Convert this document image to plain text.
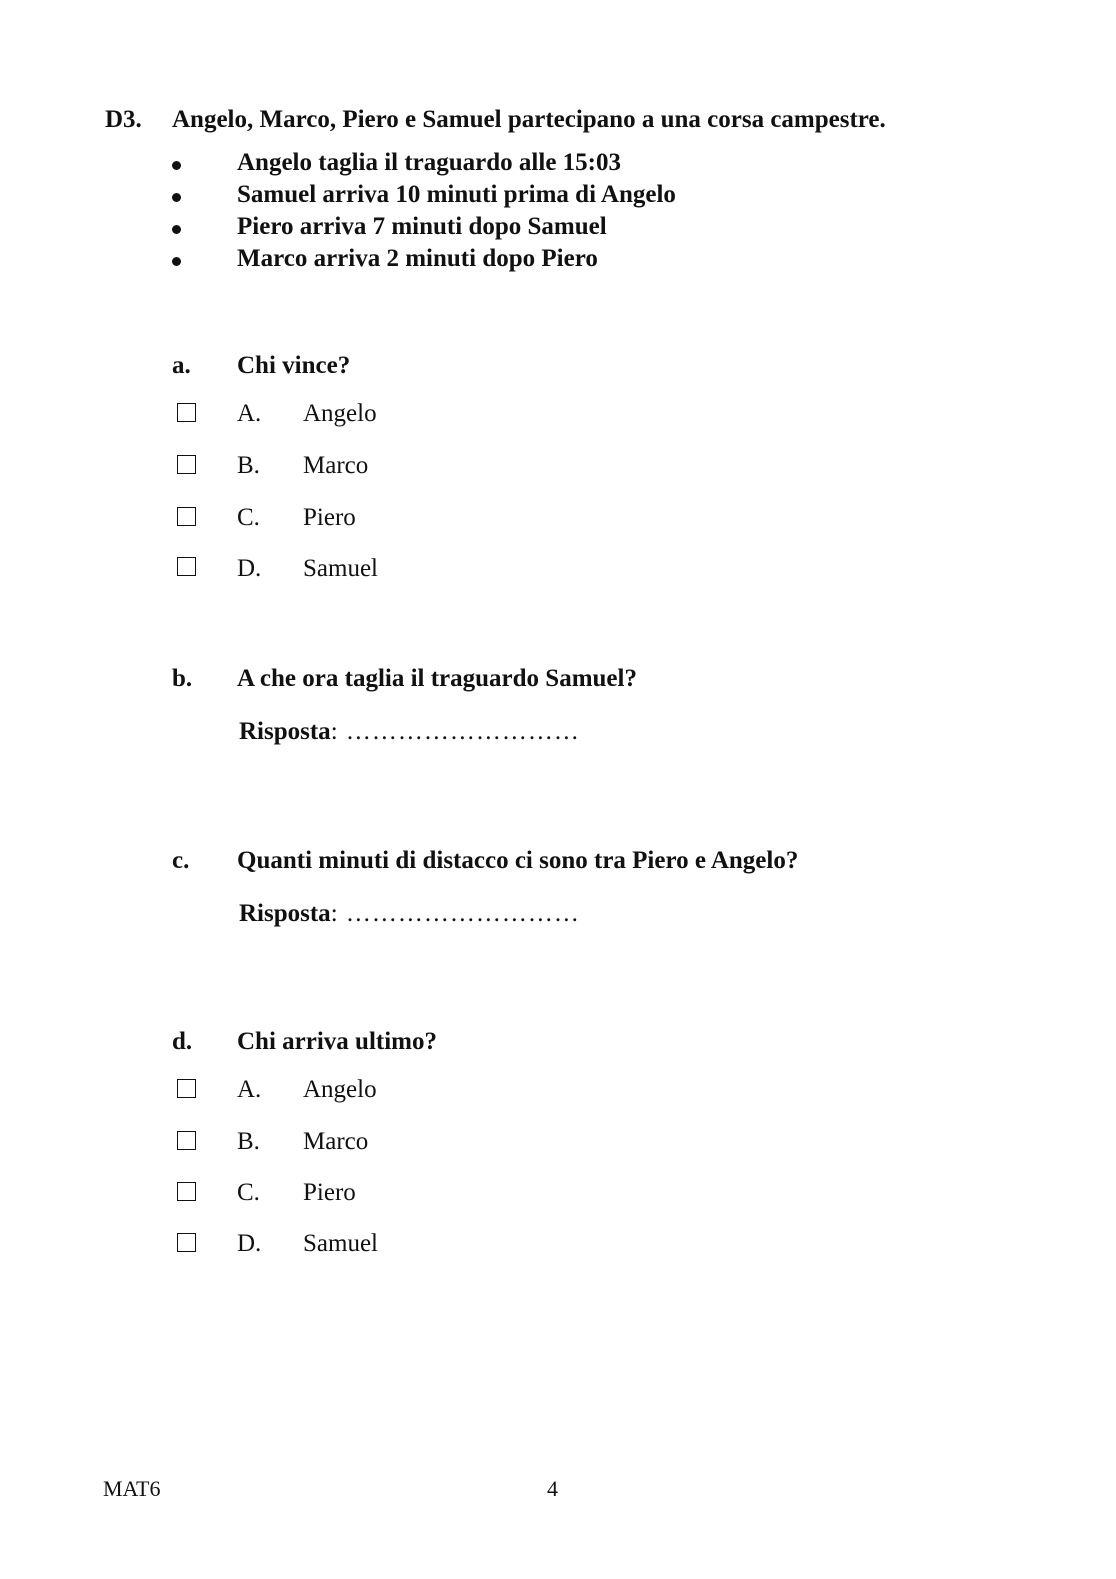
D3. Angelo, Marco, Piero e Samuel partecipano a una corsa campestre.
Angelo taglia il traguardo alle 15:03
Samuel arriva 10 minuti prima di Angelo
Piero arriva 7 minuti dopo Samuel
Marco arriva 2 minuti dopo Piero
a. Chi vince?
A. Angelo
B. Marco
C. Piero
D. Samuel
b. A che ora taglia il traguardo Samuel?
Risposta: ………………………
c. Quanti minuti di distacco ci sono tra Piero e Angelo?
Risposta: ………………………
d. Chi arriva ultimo?
A. Angelo
B. Marco
C. Piero
D. Samuel
MAT6	4
